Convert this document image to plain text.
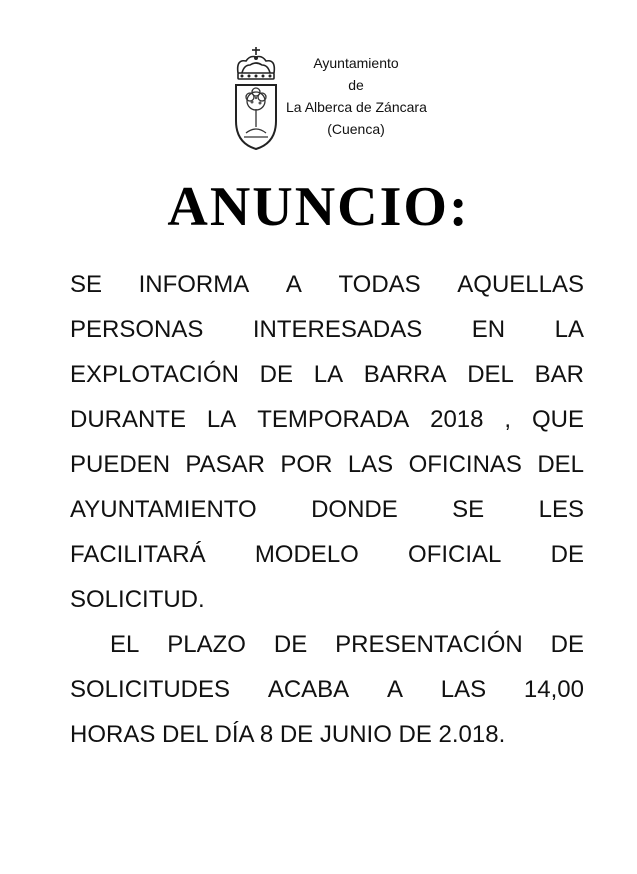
Ayuntamiento
de
La Alberca de Záncara
(Cuenca)
ANUNCIO:
SE INFORMA A TODAS AQUELLAS
PERSONAS INTERESADAS EN LA
EXPLOTACIÓN DE LA BARRA DEL BAR
DURANTE LA TEMPORADA 2018 , QUE
PUEDEN PASAR POR LAS OFICINAS DEL
AYUNTAMIENTO DONDE SE LES
FACILITARÁ MODELO OFICIAL DE
SOLICITUD.
EL PLAZO DE PRESENTACIÓN DE
SOLICITUDES ACABA A LAS 14,00
HORAS DEL DÍA 8 DE JUNIO DE 2.018.
